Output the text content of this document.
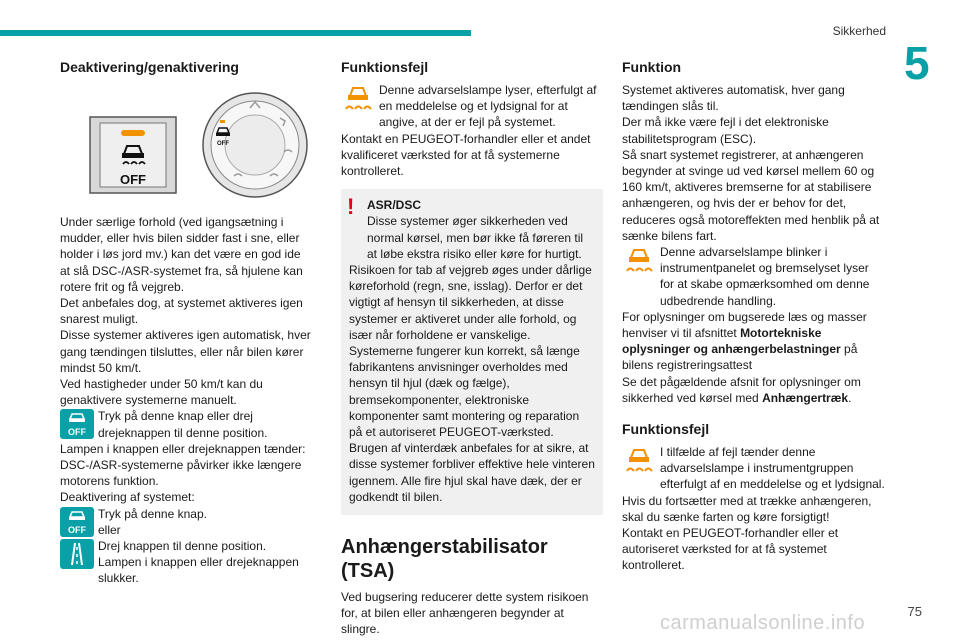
Sikkerhed
5
Deaktivering/genaktivering
OFF
OFF

Under særlige forhold (ved igangsætning i mudder, eller hvis bilen sidder fast i sne, eller holder i løs jord mv.) kan det være en god ide at slå DSC-/ASR-systemet fra, så hjulene kan rotere frit og få vejgreb.

Det anbefales dog, at systemet aktiveres igen snarest muligt.

Disse systemer aktiveres igen automatisk, hver gang tændingen tilsluttes, eller når bilen kører mindst 50 km/t.

Ved hastigheder under 50 km/t kan du genaktivere systemerne manuelt.

OFF

Tryk på denne knap eller drej drejeknappen til denne position.

Lampen i knappen eller drejeknappen tænder:

DSC-/ASR-systemerne påvirker ikke længere motorens funktion.

Deaktivering af systemet:

OFF

Tryk på denne knap.

eller

Drej knappen til denne position. Lampen i knappen eller drejeknappen slukker.

Funktionsfejl

Denne advarselslampe lyser, efterfulgt af en meddelelse og et lydsignal for at angive, at der er fejl på systemet.

Kontakt en PEUGEOT-forhandler eller et andet kvalificeret værksted for at få systemerne kontrolleret.

!	ASR/DSC

Disse systemer øger sikkerheden ved normal kørsel, men bør ikke få føreren til at løbe ekstra risiko eller køre for hurtigt.

Risikoen for tab af vejgreb øges under dårlige køreforhold (regn, sne, isslag). Derfor er det vigtigt af hensyn til sikkerheden, at disse systemer er aktiveret under alle forhold, og især når forholdene er vanskelige.

Systemerne fungerer kun korrekt, så længe fabrikantens anvisninger overholdes med hensyn til hjul (dæk og fælge), bremsekomponenter, elektroniske komponenter samt montering og reparation på et autoriseret PEUGEOT-værksted.

Brugen af vinterdæk anbefales for at sikre, at disse systemer forbliver effektive hele vinteren igennem. Alle fire hjul skal have dæk, der er godkendt til bilen.

Anhængerstabilisator (TSA)

Ved bugsering reducerer dette system risikoen for, at bilen eller anhængeren begynder at slingre.

Funktion

Systemet aktiveres automatisk, hver gang tændingen slås til.

Der må ikke være fejl i det elektroniske stabilitetsprogram (ESC).

Så snart systemet registrerer, at anhængeren begynder at svinge ud ved kørsel mellem 60 og 160 km/t, aktiveres bremserne for at stabilisere anhængeren, og hvis der er behov for det, reduceres også motoreffekten med henblik på at sænke bilens fart.

Denne advarselslampe blinker i instrumentpanelet og bremselyset lyser for at skabe opmærksomhed om denne udbedrende handling.

For oplysninger om bugserede læs og masser henviser vi til afsnittet Motortekniske oplysninger og anhængerbelastninger på bilens registreringsattest

Se det pågældende afsnit for oplysninger om sikkerhed ved kørsel med Anhængertræk.

Funktionsfejl

I tilfælde af fejl tænder denne advarselslampe i instrumentgruppen efterfulgt af en meddelelse og et lydsignal.

Hvis du fortsætter med at trække anhængeren, skal du sænke farten og køre forsigtigt!

Kontakt en PEUGEOT-forhandler eller et autoriseret værksted for at få systemet kontrolleret.

75
carmanualsonline.info
